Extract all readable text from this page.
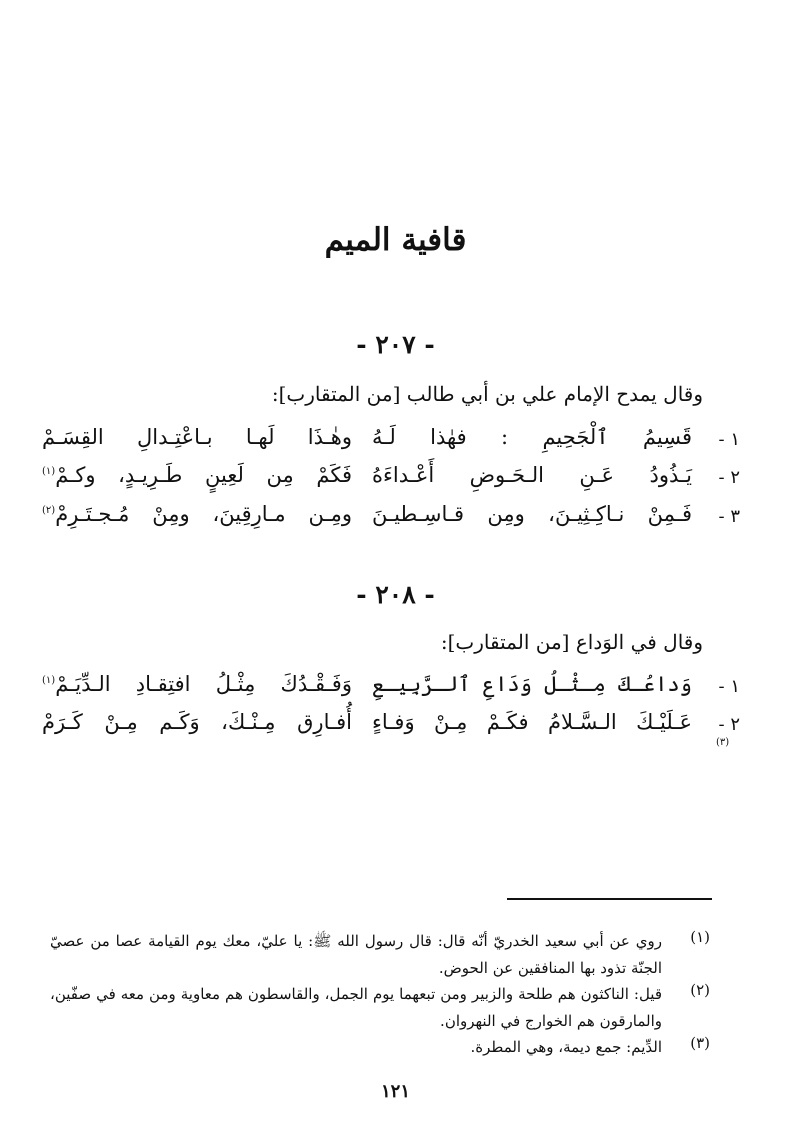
قافية الميم
- ٢٠٧ -
وقال يمدح الإمام علي بن أبي طالب [من المتقارب]:
١ -
قَسِيمُ ٱلْجَحِيمِ : فهٰذا لَـهُ
وهٰـذَا لَهـا بـاعْتِـدالِ القِسَـمْ
٢ -
يَـذُودُ عَـنِ الـحَـوضِ أَعْـداءَهُ
فَكَمْ مِن لَعِينٍ طَـرِيـدٍ، وكـمْ$^{(١)}$
٣ -
فَـمِنْ نـاكِـثِيـنَ، ومِن قـاسِـطيـنَ
ومِـن مـارِقِينَ، ومِنْ مُـجـتَـرِمْ$^{(٢)}$
- ٢٠٨ -
وقال في الوَداع [من المتقارب]:
١ -
وَداعُـكَ مِـثْـلُ وَدَاعِ ٱلـرَّبِيـعِ
وَفَـقْـدُكَ مِثْـلُ افتِقـادِ الـدِّيَـمْ$^{(١)}$
٢ -
عَـلَيْـكَ الـسَّـلامُ فكَـمْ مِـنْ وَفـاءٍ
أُفـارِق مِـنْـكَ، وَكَـم مِـنْ كَـرَمْ
(٣)
(١)
روي عن أبي سعيد الخدريّ أنّه قال: قال رسول الله ﷺ: يا عليّ، معك يوم القيامة عصا من عصيّ الجنّة تذود بها المنافقين عن الحوض.
(٢)
قيل: الناكثون هم طلحة والزبير ومن تبعهما يوم الجمل، والقاسطون هم معاوية ومن معه في صفّين، والمارقون هم الخوارج في النهروان.
(٣)
الدِّيم: جمع ديمة، وهي المطرة.
١٢١
